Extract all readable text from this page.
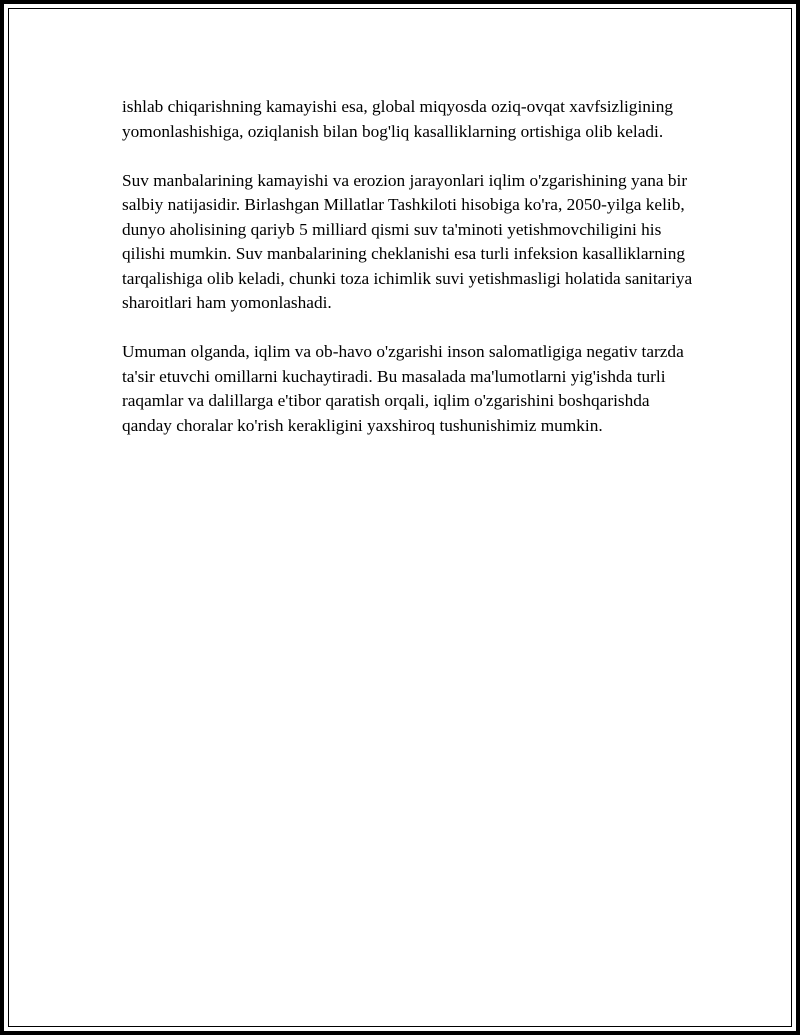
ishlab chiqarishning kamayishi esa, global miqyosda oziq-ovqat xavfsizligining yomonlashishiga, oziqlanish bilan bog'liq kasalliklarning ortishiga olib keladi.

Suv manbalarining kamayishi va erozion jarayonlari iqlim o'zgarishining yana bir salbiy natijasidir. Birlashgan Millatlar Tashkiloti hisobiga ko'ra, 2050-yilga kelib, dunyo aholisining qariyb 5 milliard qismi suv ta'minoti yetishmovchiligini his qilishi mumkin. Suv manbalarining cheklanishi esa turli infeksion kasalliklarning tarqalishiga olib keladi, chunki toza ichimlik suvi yetishmasligi holatida sanitariya sharoitlari ham yomonlashadi.

Umuman olganda, iqlim va ob-havo o'zgarishi inson salomatligiga negativ tarzda ta'sir etuvchi omillarni kuchaytiradi. Bu masalada ma'lumotlarni yig'ishda turli raqamlar va dalillarga e'tibor qaratish orqali, iqlim o'zgarishini boshqarishda qanday choralar ko'rish kerakligini yaxshiroq tushunishimiz mumkin.
